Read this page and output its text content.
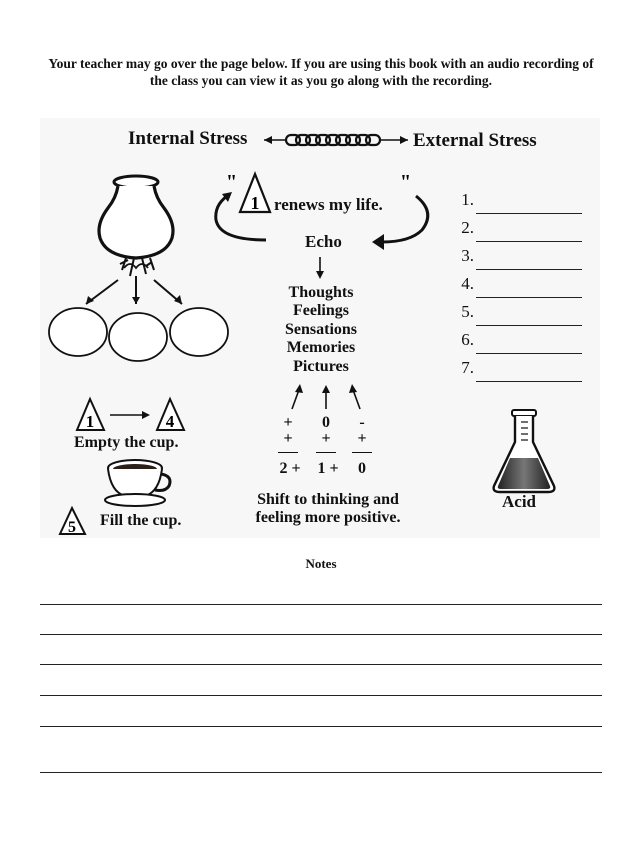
Your teacher may go over the page below. If you are using this book with an audio recording of the class you can view it as you go along with the recording.
Internal Stress	External Stress
1	4
Empty the cup.
5 Fill the cup.
"	"
1 renews my life.
Echo
Thoughts
Feelings
Sensations
Memories
Pictures
+	0	-
+	+	+
2 +	1 +	0
Shift to thinking and
feeling more positive.
1.
2.
3.
4.
5.
6.
7.
Acid
Notes
